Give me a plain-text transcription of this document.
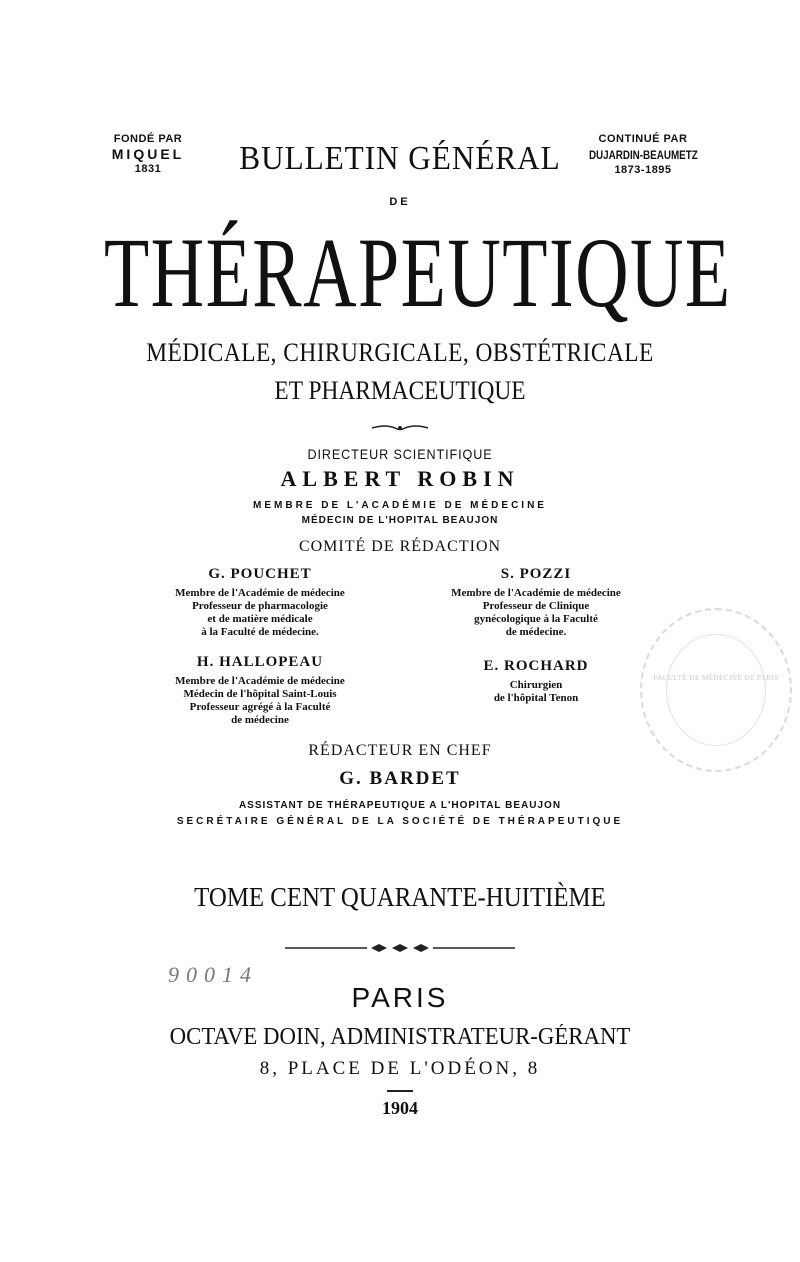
FONDÉ PAR
MIQUEL
1831	BULLETIN GÉNÉRAL
CONTINUÉ PAR
DUJARDIN-BEAUMETZ
1873-1895
DE
THÉRAPEUTIQUE
MÉDICALE, CHIRURGICALE, OBSTÉTRICALE
ET PHARMACEUTIQUE
DIRECTEUR SCIENTIFIQUE
ALBERT ROBIN
MEMBRE DE L'ACADÉMIE DE MÉDECINE
MÉDECIN DE L'HOPITAL BEAUJON
COMITÉ DE RÉDACTION
G. POUCHET
Membre de l'Académie de médecine
Professeur de pharmacologie
et de matière médicale
à la Faculté de médecine.
S. POZZI
Membre de l'Académie de médecine
Professeur de Clinique
gynécologique à la Faculté
de médecine.
H. HALLOPEAU
Membre de l'Académie de médecine
Médecin de l'hôpital Saint-Louis
Professeur agrégé à la Faculté
de médecine
E. ROCHARD
Chirurgien
de l'hôpital Tenon
FACULTÉ DE MÉDECINE DE PARIS
RÉDACTEUR EN CHEF
G. BARDET
ASSISTANT DE THÉRAPEUTIQUE A L'HOPITAL BEAUJON
SECRÉTAIRE GÉNÉRAL DE LA SOCIÉTÉ DE THÉRAPEUTIQUE
TOME CENT QUARANTE-HUITIÈME
90014
PARIS
OCTAVE DOIN, ADMINISTRATEUR-GÉRANT
8, PLACE DE L'ODÉON, 8
1904
